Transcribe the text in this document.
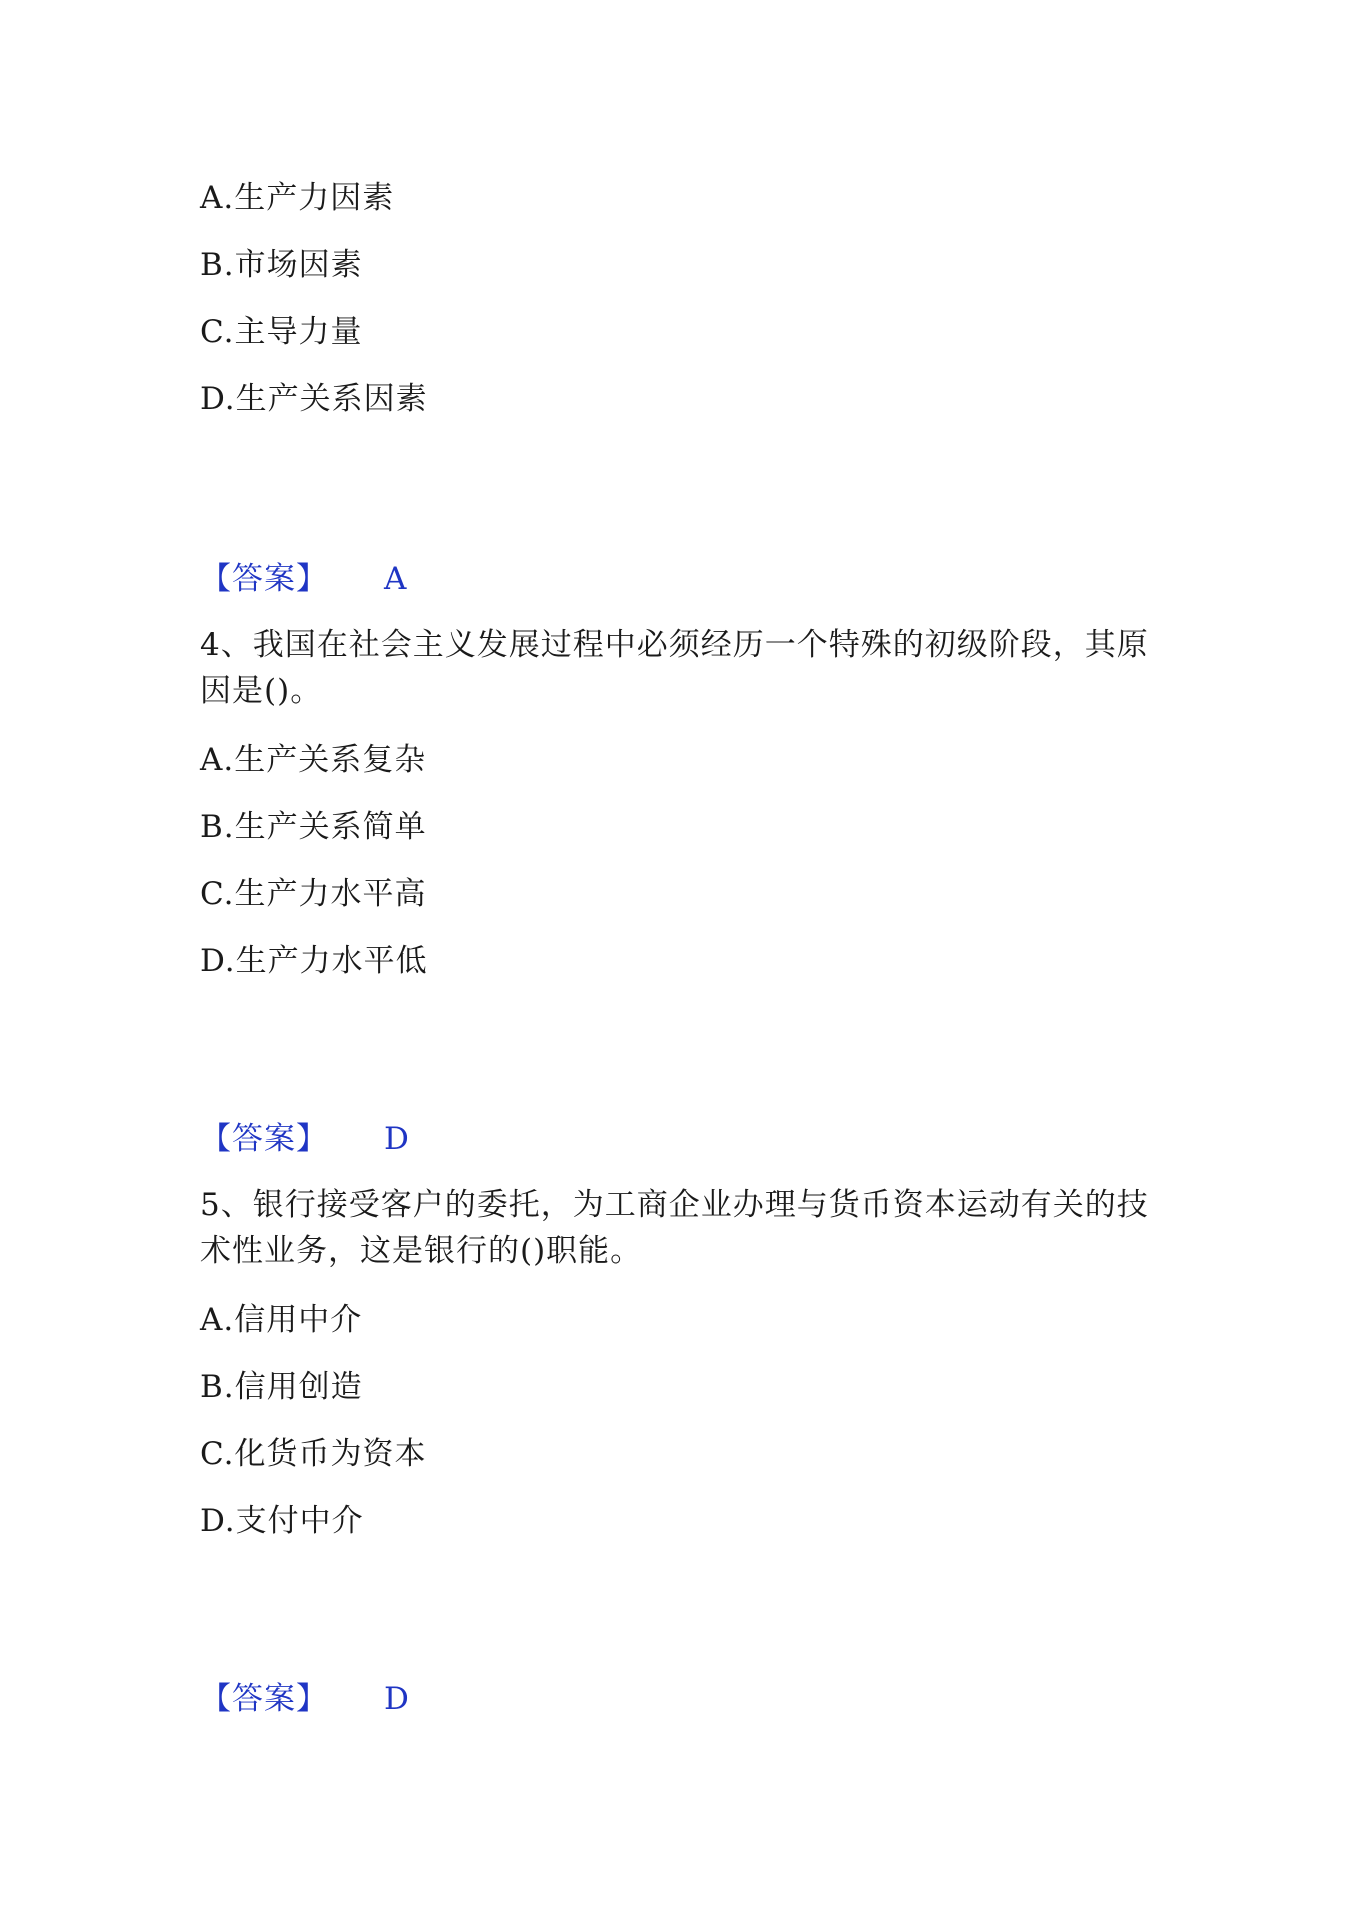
A.生产力因素
B.市场因素
C.主导力量
D.生产关系因素
【答案】 A
4、我国在社会主义发展过程中必须经历一个特殊的初级阶段，其原因是()。
A.生产关系复杂
B.生产关系简单
C.生产力水平高
D.生产力水平低
【答案】 D
5、银行接受客户的委托，为工商企业办理与货币资本运动有关的技术性业务，这是银行的()职能。
A.信用中介
B.信用创造
C.化货币为资本
D.支付中介
【答案】 D
